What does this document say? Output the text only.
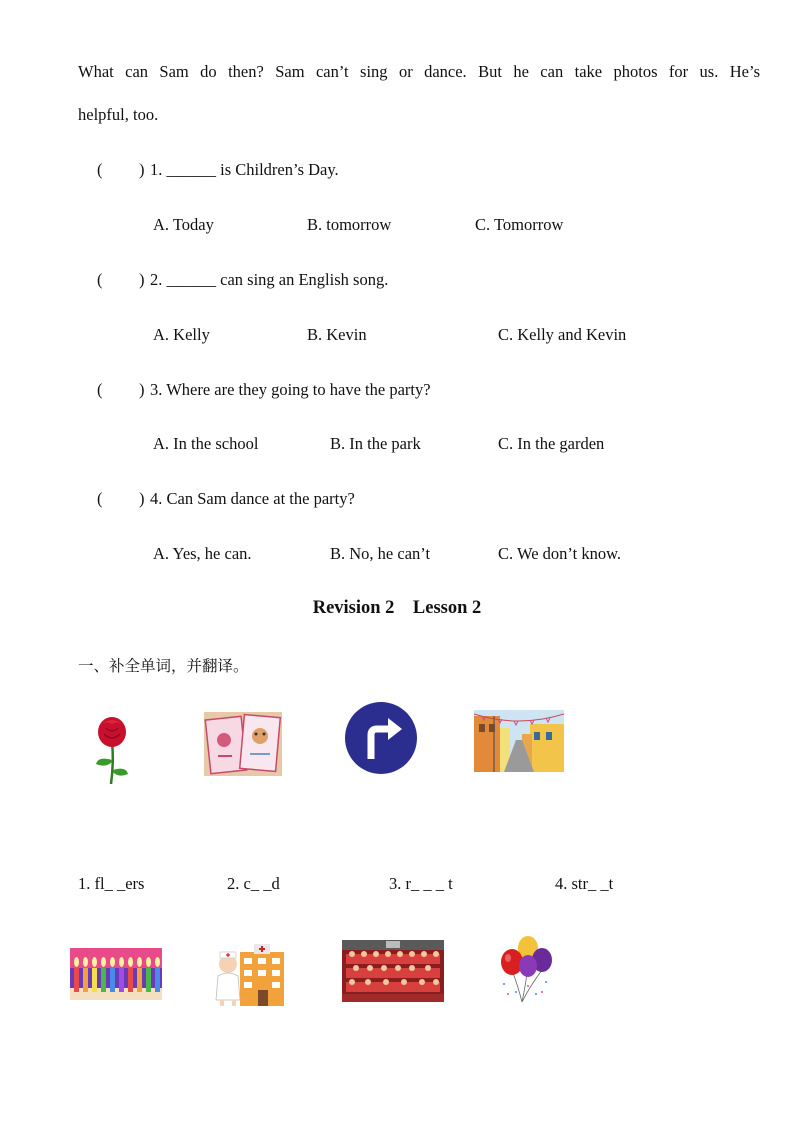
What can Sam do then? Sam can’t sing or dance. But he can take photos for us. He’s
helpful, too.
( ) 1. ______ is Children’s Day.
A. Today	B. tomorrow	C. Tomorrow
( ) 2. ______ can sing an English song.
A. Kelly	B. Kevin	C. Kelly and Kevin
( ) 3. Where are they going to have the party?
A. In the school	B. In the park	C. In the garden
( ) 4. Can Sam dance at the party?
A. Yes, he can.	B. No, he can’t	C. We don’t know.
Revision 2    Lesson 2
一、补全单词，并翻译。
1. fl_ _ers	2. c_ _d	3. r_ _ _ t	4. str_ _t
